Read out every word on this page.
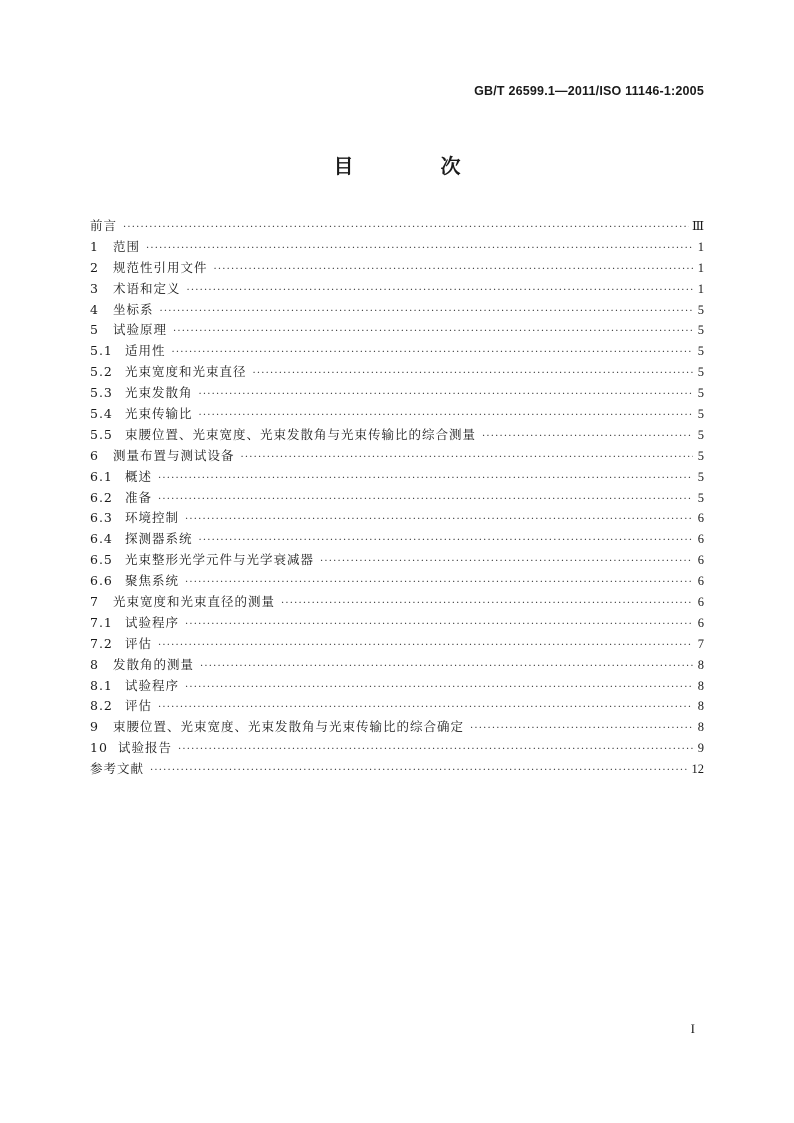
GB/T 26599.1—2011/ISO 11146-1:2005
目 次
前言 ·····	Ⅲ
1 范围 ·····	1
2 规范性引用文件 ·····	1
3 术语和定义 ·····	1
4 坐标系 ·····	5
5 试验原理 ·····	5
5.1 适用性 ·····	5
5.2 光束宽度和光束直径 ·····	5
5.3 光束发散角 ·····	5
5.4 光束传输比 ·····	5
5.5 束腰位置、光束宽度、光束发散角与光束传输比的综合测量 ·····	5
6 测量布置与测试设备 ·····	5
6.1 概述 ·····	5
6.2 准备 ·····	5
6.3 环境控制 ·····	6
6.4 探测器系统 ·····	6
6.5 光束整形光学元件与光学衰减器 ·····	6
6.6 聚焦系统 ·····	6
7 光束宽度和光束直径的测量 ·····	6
7.1 试验程序 ·····	6
7.2 评估 ·····	7
8 发散角的测量 ·····	8
8.1 试验程序 ·····	8
8.2 评估 ·····	8
9 束腰位置、光束宽度、光束发散角与光束传输比的综合确定 ·····	8
10 试验报告 ·····	9
参考文献 ·····	12
I
